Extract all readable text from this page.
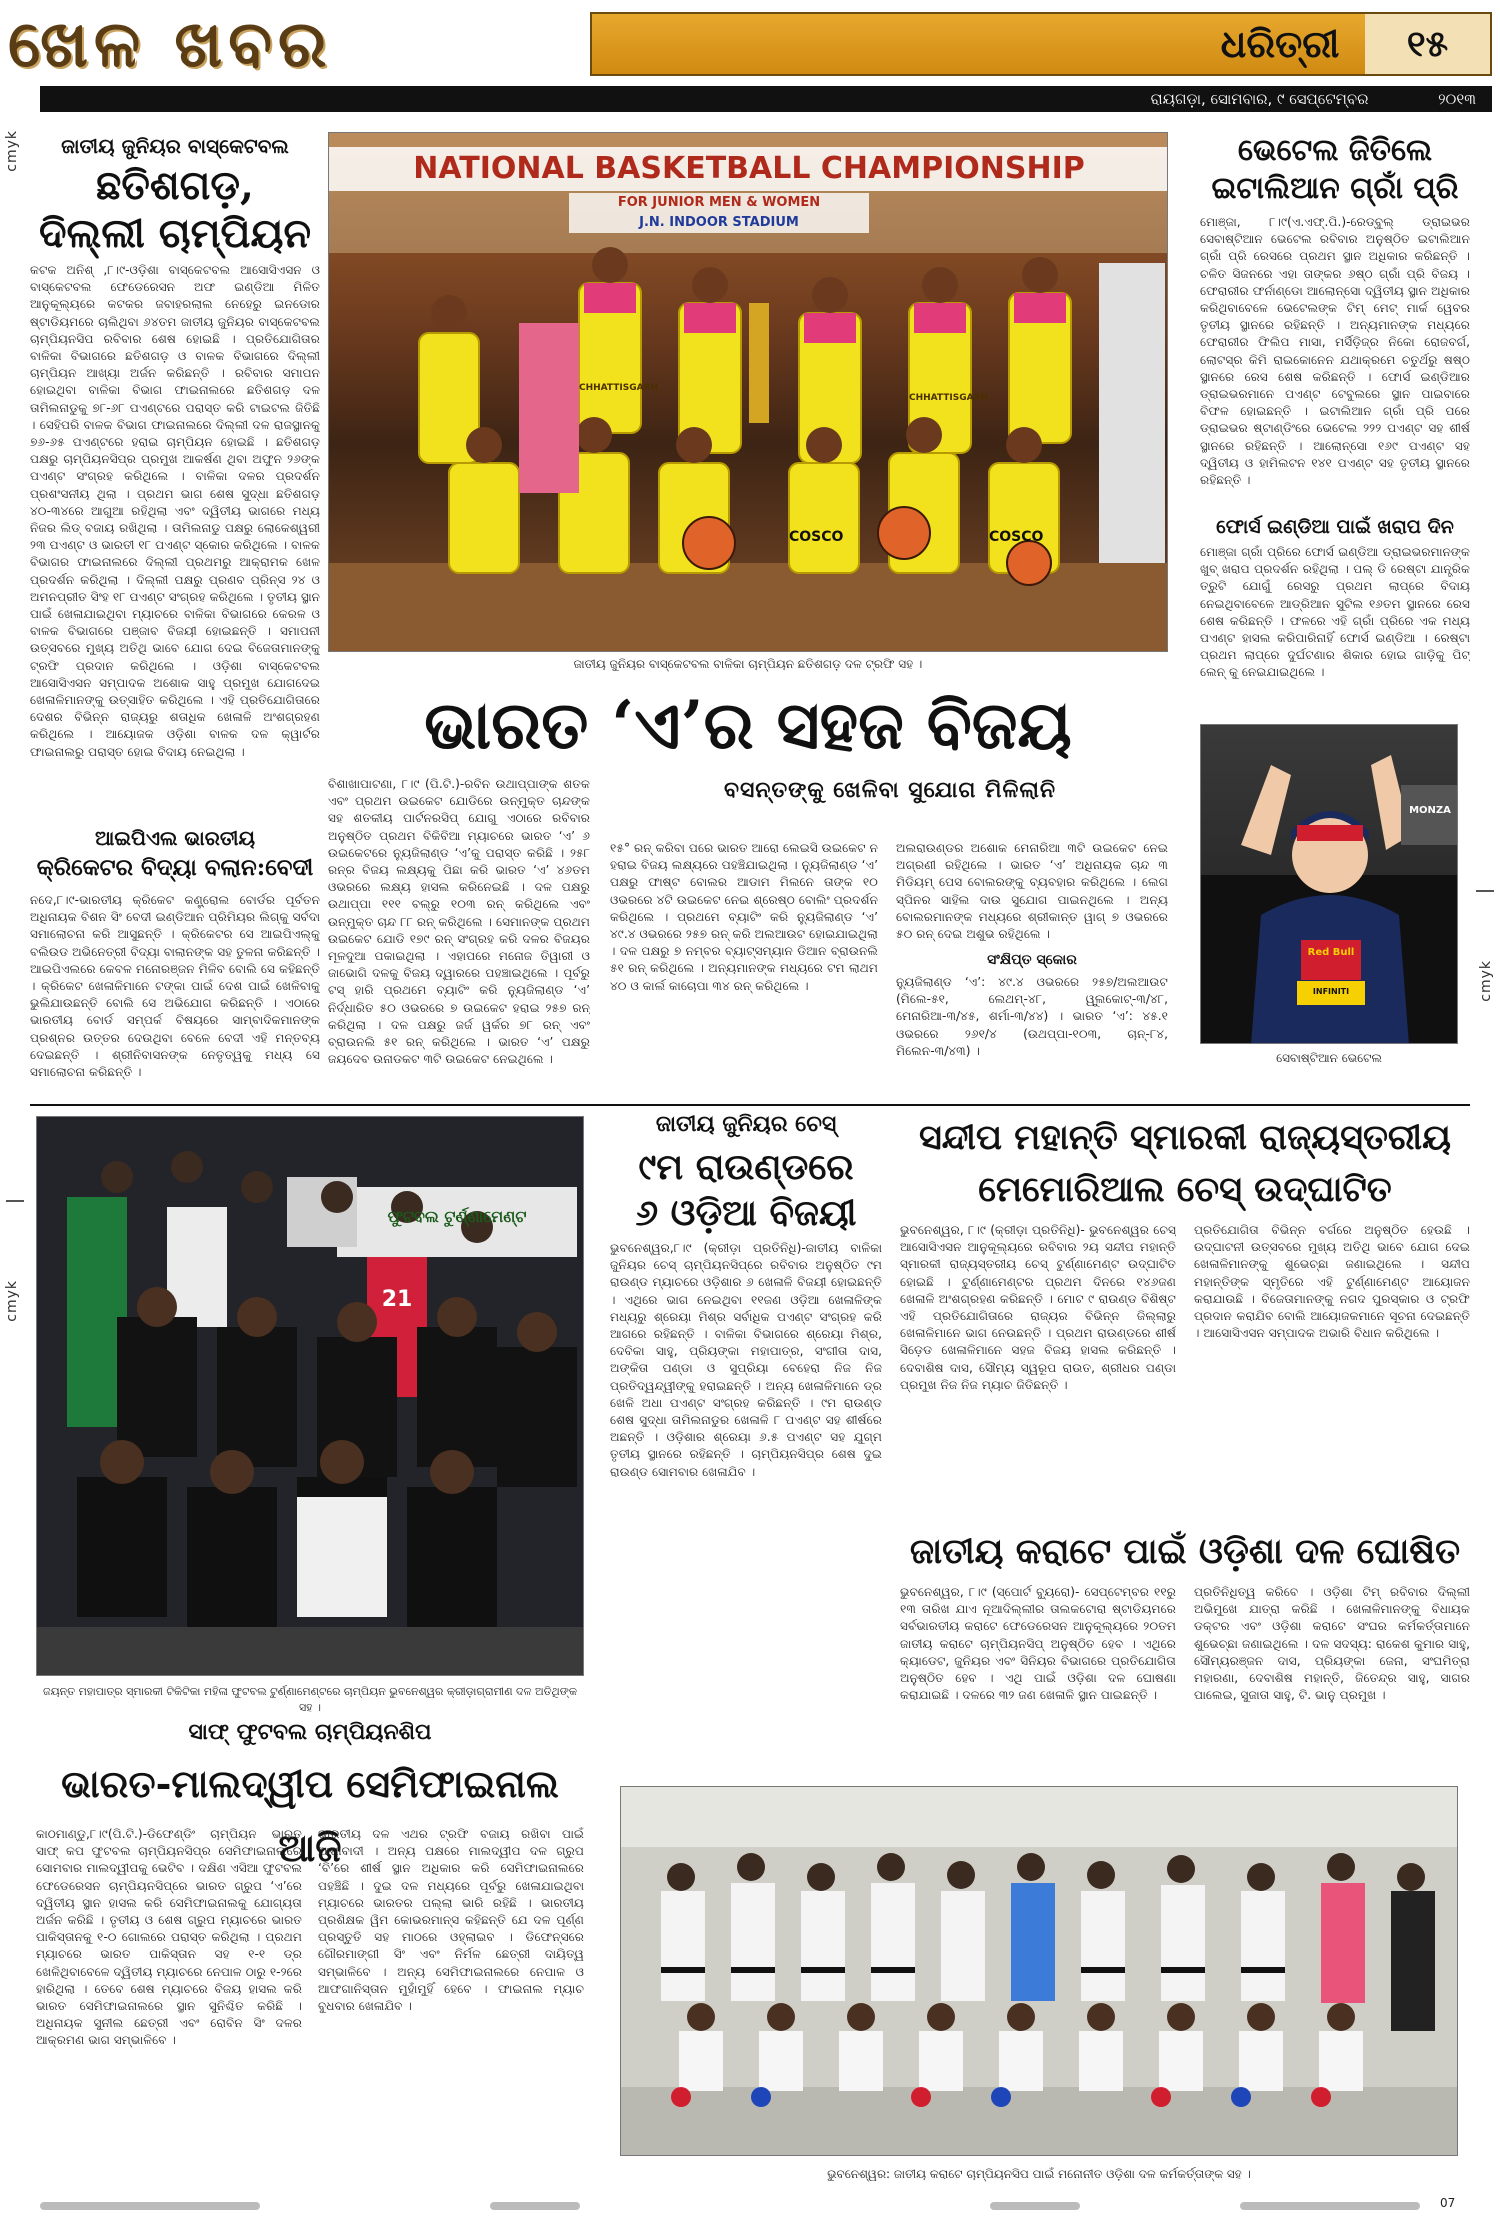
ଖେଳ ଖବର	ଧରିତ୍ରୀ	୧୫
ରାୟଗଡ଼ା, ସୋମବାର, ୯ ସେପ୍ଟେମ୍ବର	୨୦୧୩
cmyk
cmyk
cmyk
ଜାତୀୟ ଜୁନିୟର ବାସ୍କେଟବଲ
ଛତିଶଗଡ଼,
ଦିଲ୍ଲୀ ଚାମ୍ପିୟନ
କଟକ ଅନିଶ୍ ,୮।୯-ଓଡ଼ିଶା ବାସ୍କେଟବଲ ଆସୋସିଏସନ ଓ ବାସ୍କେଟବଲ ଫେଡେରେସନ ଅଫ ଇଣ୍ଡିଆ ମିଳିତ ଆନୁକୂଲ୍ୟରେ କଟକର ଜବାହରଲାଲ ନେହେରୁ ଇନଡୋର ଷ୍ଟାଡିୟମରେ ଚାଲିଥିବା ୬୪ତମ ଜାତୀୟ ଜୁନିୟର ବାସ୍କେଟବଲ ଚାମ୍ପିୟନସିପ ରବିବାର ଶେଷ ହୋଇଛି । ପ୍ରତିଯୋଗିତାର ବାଳିକା ବିଭାଗରେ ଛତିଶଗଡ଼ ଓ ବାଳକ ବିଭାଗରେ ଦିଲ୍ଲୀ ଚାମ୍ପିୟନ ଆଖ୍ୟା ଅର୍ଜନ କରିଛନ୍ତି । ରବିବାର ସମାପନ ହୋଇଥିବା ବାଳିକା ବିଭାଗ ଫାଇନାଲରେ ଛତିଶଗଡ଼ ଦଳ ତାମିଲନାଡୁକୁ ୭୮-୬୮ ପଏଣ୍ଟରେ ପରାସ୍ତ କରି ଟାଇଟଲ ଜିତିଛି । ସେହିପରି ବାଳକ ବିଭାଗ ଫାଇନାଲରେ ଦିଲ୍ଲୀ ଦଳ ରାଜସ୍ଥାନକୁ ୭୬-୬୫ ପଏଣ୍ଟରେ ହରାଇ ଚାମ୍ପିୟନ ହୋଇଛି । ଛତିଶଗଡ଼ ପକ୍ଷରୁ ଚାମ୍ପିୟନସିପ୍ର ପ୍ରମୁଖ ଆକର୍ଷଣ ଥିବା ଅଫୁନ ୨୬ଙ୍କ ପଏଣ୍ଟ ସଂଗ୍ରହ କରିଥିଲେ । ବାଳିକା ଦଳର ପ୍ରଦର୍ଶନ ପ୍ରଶଂସନୀୟ ଥିଲା । ପ୍ରଥମ ଭାଗ ଶେଷ ସୁଦ୍ଧା ଛତିଶଗଡ଼ ୪୦-୩୪ରେ ଆଗୁଆ ରହିଥିଲା ଏବଂ ଦ୍ୱିତୀୟ ଭାଗରେ ମଧ୍ୟ ନିଜର ଲିଡ୍ ବଜାୟ ରଖିଥିଲା । ତାମିଲନାଡୁ ପକ୍ଷରୁ ଲୋକେଶ୍ୱରୀ ୨୩ ପଏଣ୍ଟ ଓ ଭାରତୀ ୧୮ ପଏଣ୍ଟ ସ୍କୋର କରିଥିଲେ । ବାଳକ ବିଭାଗର ଫାଇନାଲରେ ଦିଲ୍ଲୀ ପ୍ରଥମରୁ ଆକ୍ରାମକ ଖେଳ ପ୍ରଦର୍ଶନ କରିଥିଲା । ଦିଲ୍ଲୀ ପକ୍ଷରୁ ପ୍ରଣବ ପ୍ରିନ୍ସ ୨୪ ଓ ଅମନପ୍ରୀତ ସିଂହ ୧୮ ପଏଣ୍ଟ ସଂଗ୍ରହ କରିଥିଲେ । ତୃତୀୟ ସ୍ଥାନ ପାଇଁ ଖେଳାଯାଇଥିବା ମ୍ୟାଚରେ ବାଳିକା ବିଭାଗରେ କେରଳ ଓ ବାଳକ ବିଭାଗରେ ପଞ୍ଜାବ ବିଜୟୀ ହୋଇଛନ୍ତି । ସମାପନୀ ଉତ୍ସବରେ ମୁଖ୍ୟ ଅତିଥି ଭାବେ ଯୋଗ ଦେଇ ବିଜେତାମାନଙ୍କୁ ଟ୍ରଫି ପ୍ରଦାନ କରିଥିଲେ । ଓଡ଼ିଶା ବାସ୍କେଟବଲ ଆସୋସିଏସନ ସମ୍ପାଦକ ଅଶୋକ ସାହୁ ପ୍ରମୁଖ ଯୋଗଦେଇ ଖେଳାଳିମାନଙ୍କୁ ଉତ୍ସାହିତ କରିଥିଲେ । ଏହି ପ୍ରତିଯୋଗିତାରେ ଦେଶର ବିଭିନ୍ନ ରାଜ୍ୟରୁ ଶତାଧିକ ଖେଳାଳି ଅଂଶଗ୍ରହଣ କରିଥିଲେ । ଆୟୋଜକ ଓଡ଼ିଶା ବାଳକ ଦଳ କ୍ୱାର୍ଟର ଫାଇନାଲରୁ ପରାସ୍ତ ହୋଇ ବିଦାୟ ନେଇଥିଲା ।
NATIONAL BASKETBALL CHAMPIONSHIP
FOR JUNIOR MEN & WOMEN
J.N. INDOOR STADIUM
CHHATTISGARH
CHHATTISGARH
COSCO	COSCO
ଜାତୀୟ ଜୁନିୟର ବାସ୍କେଟବଲ ବାଳିକା ଚାମ୍ପିୟନ ଛତିଶଗଡ଼ ଦଳ ଟ୍ରଫି ସହ ।
ଭେଟେଲ ଜିତିଲେ
ଇଟାଲିଆନ ଗ୍ରାଁ ପ୍ରି
ମୋଞ୍ଜା, ୮।୯(ଏ.ଏଫ୍.ପି.)-ରେଡ୍ବୁଲ୍ ଡ୍ରାଇଭର ସେବାଷ୍ଟିଆନ ଭେଟେଲ ରବିବାର ଅନୁଷ୍ଠିତ ଇଟାଲିଆନ ଗ୍ରାଁ ପ୍ରି ରେସରେ ପ୍ରଥମ ସ୍ଥାନ ଅଧିକାର କରିଛନ୍ତି । ଚଳିତ ସିଜନରେ ଏହା ତାଙ୍କର ୬ଷ୍ଠ ଗ୍ରାଁ ପ୍ରି ବିଜୟ । ଫେରାରୀର ଫର୍ନାଣ୍ଡୋ ଆଲୋନ୍ସୋ ଦ୍ୱିତୀୟ ସ୍ଥାନ ଅଧିକାର କରିଥିବାବେଳେ ଭେଟେଲଙ୍କ ଟିମ୍ ମେଟ୍ ମାର୍କ ୱେବର ତୃତୀୟ ସ୍ଥାନରେ ରହିଛନ୍ତି । ଅନ୍ୟମାନଙ୍କ ମଧ୍ୟରେ ଫେରାରୀର ଫିଲିପ ମାସା, ମର୍ସିଡ଼ିଜ୍ର ନିକୋ ରୋଜବର୍ଗ, ଲୋଟସ୍ର କିମି ରାଇକୋନେନ ଯଥାକ୍ରମେ ଚତୁର୍ଥରୁ ଷଷ୍ଠ ସ୍ଥାନରେ ରେସ ଶେଷ କରିଛନ୍ତି । ଫୋର୍ସ ଇଣ୍ଡିଆର ଡ୍ରାଇଭରମାନେ ପଏଣ୍ଟ ଟେବୁଲରେ ସ୍ଥାନ ପାଇବାରେ ବିଫଳ ହୋଇଛନ୍ତି । ଇଟାଲିଆନ ଗ୍ରାଁ ପ୍ରି ପରେ ଡ୍ରାଇଭର ଷ୍ଟାଣ୍ଡିଂରେ ଭେଟେଲ ୨୨୨ ପଏଣ୍ଟ ସହ ଶୀର୍ଷ ସ୍ଥାନରେ ରହିଛନ୍ତି । ଆଲୋନ୍ସୋ ୧୬୯ ପଏଣ୍ଟ ସହ ଦ୍ୱିତୀୟ ଓ ହାମିଲଟନ ୧୪୧ ପଏଣ୍ଟ ସହ ତୃତୀୟ ସ୍ଥାନରେ ରହିଛନ୍ତି ।
ଫୋର୍ସ ଇଣ୍ଡିଆ ପାଇଁ ଖରାପ ଦିନ
ମୋଞ୍ଜା ଗ୍ରାଁ ପ୍ରିରେ ଫୋର୍ସ ଇଣ୍ଡିଆ ଡ୍ରାଇଭରମାନଙ୍କ ଖୁବ୍ ଖରାପ ପ୍ରଦର୍ଶନ ରହିଥିଲା । ପଲ୍ ଡି ରେଷ୍ଟା ଯାନ୍ତ୍ରିକ ତ୍ରୁଟି ଯୋଗୁଁ ରେସରୁ ପ୍ରଥମ ଲାପ୍ରେ ବିଦାୟ ନେଇଥିବାବେଳେ ଆଡ୍ରିଆନ ସୁଟିଲ ୧୬ତମ ସ୍ଥାନରେ ରେସ ଶେଷ କରିଛନ୍ତି । ଫଳରେ ଏହି ଗ୍ରାଁ ପ୍ରିରେ ଏକ ମଧ୍ୟ ପଏଣ୍ଟ ହାସଲ କରିପାରିନାହିଁ ଫୋର୍ସ ଇଣ୍ଡିଆ । ରେଷ୍ଟା ପ୍ରଥମ ଲାପ୍ରେ ଦୁର୍ଘଟଣାର ଶିକାର ହୋଇ ଗାଡ଼ିକୁ ପିଟ୍ ଲେନ୍ କୁ ନେଇଯାଇଥିଲେ ।
Red Bull
INFINITI
MONZA
ସେବାଷ୍ଟିଆନ ଭେଟେଲ
ଭାରତ ‘ଏ’ର ସହଜ ବିଜୟ
ବିଶାଖାପାଟଣା, ୮।୯ (ପି.ଟି.)-ରବିନ ଉଥାପ୍ପାଙ୍କ ଶତକ ଏବଂ ପ୍ରଥମ ଉଇକେଟ ଯୋଡିରେ ଉନ୍ମୁକ୍ତ ଚାନ୍ଦଙ୍କ ସହ ଶତକୀୟ ପାର୍ଟନରସିପ୍ ଯୋଗୁ ଏଠାରେ ରବିବାର ଅନୁଷ୍ଠିତ ପ୍ରଥମ ବିକିବିଆ ମ୍ୟାଚରେ ଭାରତ ‘ଏ’ ୬ ଉଇକେଟରେ ନ୍ୟୁଜିଲାଣ୍ଡ ‘ଏ’କୁ ପରାସ୍ତ କରିଛି । ୨୫୮ ରନ୍ର ବିଜୟ ଲକ୍ଷ୍ୟକୁ ପିଛା କରି ଭାରତ ‘ଏ’ ୪୬ତମ ଓଭରରେ ଲକ୍ଷ୍ୟ ହାସଲ କରିନେଇଛି । ଦଳ ପକ୍ଷରୁ ଉଥାପ୍ପା ୧୧୧ ବଲ୍ରୁ ୧୦୩ ରନ୍ କରିଥିଲେ ଏବଂ ଉନ୍ମୁକ୍ତ ଚାନ୍ଦ ୮୮ ରନ୍ କରିଥିଲେ । ସେମାନଙ୍କ ପ୍ରଥମ ଉଇକେଟ ଯୋଡି ୧୭୯ ରନ୍ ସଂଗ୍ରହ କରି ଦଳର ବିଜୟର ମୂଳଦୁଆ ପକାଇଥିଲା । ଏହାପରେ ମନୋଜ ତିୱାରୀ ଓ ଜାଭୋଗି ଦଳକୁ ବିଜୟ ଦ୍ୱାରରେ ପହଞ୍ଚାଇଥିଲେ । ପୂର୍ବରୁ ଟସ୍ ହାରି ପ୍ରଥମେ ବ୍ୟାଟିଂ କରି ନ୍ୟୁଜିଲାଣ୍ଡ ‘ଏ’ ନିର୍ଦ୍ଧାରିତ ୫୦ ଓଭରରେ ୭ ଉଇକେଟ ହରାଇ ୨୫୭ ରନ୍ କରିଥିଲା । ଦଳ ପକ୍ଷରୁ ଜର୍ଜ ୱର୍କର ୭୮ ରନ୍ ଏବଂ ବ୍ରାଉନଲି ୫୧ ରନ୍ କରିଥିଲେ । ଭାରତ ‘ଏ’ ପକ୍ଷରୁ ଜୟଦେବ ଉନାଡକଟ ୩ଟି ଉଇକେଟ ନେଇଥିଲେ ।
ବସନ୍ତଙ୍କୁ ଖେଳିବା ସୁଯୋଗ ମିଳିଲାନି
୧୫° ରନ୍ କରିବା ପରେ ଭାରତ ଆରୋ ଲେଇସି ଉଇକେଟ ନ ହରାଇ ବିଜୟ ଲକ୍ଷ୍ୟରେ ପହଞ୍ଚିଯାଇଥିଲା । ନ୍ୟୁଜିଲାଣ୍ଡ ‘ଏ’ ପକ୍ଷରୁ ଫାଷ୍ଟ ବୋଲର ଆଡାମ ମିଲନେ ତାଙ୍କ ୧୦ ଓଭରରେ ୪ଟି ଉଇକେଟ ନେଇ ଶ୍ରେଷ୍ଠ ବୋଲିଂ ପ୍ରଦର୍ଶନ କରିଥିଲେ । ପ୍ରଥମେ ବ୍ୟାଟିଂ କରି ନ୍ୟୁଜିଲାଣ୍ଡ ‘ଏ’ ୪୯.୪ ଓଭରରେ ୨୫୭ ରନ୍ କରି ଅଲଆଉଟ ହୋଇଯାଇଥିଲା । ଦଳ ପକ୍ଷରୁ ୭ ନମ୍ବର ବ୍ୟାଟ୍ସମ୍ୟାନ ଡିଆନ ବ୍ରାଉନଲି ୫୧ ରନ୍ କରିଥିଲେ । ଅନ୍ୟମାନଙ୍କ ମଧ୍ୟରେ ଟମ ଲାଥମ ୪୦ ଓ କାର୍ଲ କାଚୋପା ୩୪ ରନ୍ କରିଥିଲେ ।
ଅଲରାଉଣ୍ଡର ଅଶୋକ ମେନାରିଆ ୩ଟି ଉଇକେଟ ନେଇ ଅଗ୍ରଣୀ ରହିଥିଲେ । ଭାରତ ‘ଏ’ ଅଧିନାୟକ ଚାନ୍ଦ ୩ ମିଡିୟମ୍ ପେସ ବୋଲରଙ୍କୁ ବ୍ୟବହାର କରିଥିଲେ । ଲେଗ ସ୍ପିନର ସାହିଲ ଦାଉ ସୁଯୋଗ ପାଇନଥିଲେ । ଅନ୍ୟ ବୋଲରମାନଙ୍କ ମଧ୍ୟରେ ଶ୍ରୀକାନ୍ତ ୱାଗ୍ ୭ ଓଭରରେ ୫୦ ରନ୍ ଦେଇ ଅଶୁଭ ରହିଥିଲେ ।
ସଂକ୍ଷିପ୍ତ ସ୍କୋର
ନ୍ୟୁଜିଲାଣ୍ଡ ‘ଏ’: ୪୯.୪ ଓଭରରେ ୨୫୭/ଅଲଆଉଟ (ମିଲେ-୫୧, ଲେଥମ୍-୪୮, ୱୁଲକୋଟ୍-୩/୪୮, ମେନାରିଆ-୩/୪୫, ଶର୍ମା-୩/୪୪) । ଭାରତ ‘ଏ’: ୪୫.୧ ଓଭରରେ ୨୬୧/୪ (ଉଥପ୍ପା-୧୦୩, ଚାନ୍-୮୪, ମିଲେନ-୩/୪୩) ।
ଆଇପିଏଲ ଭାରତୀୟ
କ୍ରିକେଟର ବିଦ୍ୟା ବଲାନ:ବେଦୀ
ନଦେ,୮।୯-ଭାରତୀୟ କ୍ରିକେଟ କଣ୍ଟ୍ରୋଲ ବୋର୍ଡର ପୂର୍ବତନ ଅଧିନାୟକ ବିଶନ ସିଂ ବେଦୀ ଇଣ୍ଡିଆନ ପ୍ରିମିୟର ଲିଗ୍କୁ ସର୍ବଦା ସମାଲୋଚନା କରି ଆସୁଛନ୍ତି । କ୍ରିକେଟର ସେ ଆଇପିଏଲ୍କୁ ବଲିଉଡ ଅଭିନେତ୍ରୀ ବିଦ୍ୟା ବାଲାନଙ୍କ ସହ ତୁଳନା କରିଛନ୍ତି । ଆଇପିଏଲରେ କେବଳ ମନୋରଞ୍ଜନ ମିଳିବ ବୋଲି ସେ କହିଛନ୍ତି । କ୍ରିକେଟ ଖେଳାଳିମାନେ ଟଙ୍କା ପାଇଁ ଦେଶ ପାଇଁ ଖେଳିବାକୁ ଭୁଲିଯାଉଛନ୍ତି ବୋଲି ସେ ଅଭିଯୋଗ କରିଛନ୍ତି । ଏଠାରେ ଭାରତୀୟ ବୋର୍ଡ ସମ୍ପର୍କ ବିଷୟରେ ସାମ୍ବାଦିକମାନଙ୍କ ପ୍ରଶ୍ନର ଉତ୍ତର ଦେଉଥିବା ବେଳେ ବେଦୀ ଏହି ମନ୍ତବ୍ୟ ଦେଇଛନ୍ତି । ଶ୍ରୀନିବାସନଙ୍କ ନେତୃତ୍ୱକୁ ମଧ୍ୟ ସେ ସମାଲୋଚନା କରିଛନ୍ତି ।
ଫୁଟବଲ ଟୁର୍ଣ୍ଣାମେଣ୍ଟ
21
ଜୟନ୍ତ ମହାପାତ୍ର ସ୍ମାରକୀ ଟିକିଟିକା ମହିଳା ଫୁଟବଲ ଟୁର୍ଣ୍ଣାମେଣ୍ଟରେ ଚାମ୍ପିୟନ ଭୁବନେଶ୍ୱର କ୍ରୀଡ଼ାଗ୍ରାମୀଣ ଦଳ ଅତିଥିଙ୍କ ସହ ।
ଜାତୀୟ ଜୁନିୟର ଚେସ୍
୯ମ ରାଉଣ୍ଡରେ
୬ ଓଡ଼ିଆ ବିଜୟୀ
ଭୁବନେଶ୍ୱର,୮।୯ (କ୍ରୀଡ଼ା ପ୍ରତିନିଧି)-ଜାତୀୟ ବାଳିକା ଜୁନିୟର ଚେସ୍ ଚାମ୍ପିୟନସିପ୍ରେ ରବିବାର ଅନୁଷ୍ଠିତ ୯ମ ରାଉଣ୍ଡ ମ୍ୟାଚରେ ଓଡ଼ିଶାର ୬ ଖେଳାଳି ବିଜୟୀ ହୋଇଛନ୍ତି । ଏଥିରେ ଭାଗ ନେଇଥିବା ୧୧ଜଣ ଓଡ଼ିଆ ଖେଳାଳିଙ୍କ ମଧ୍ୟରୁ ଶ୍ରେୟା ମିଶ୍ର ସର୍ବାଧିକ ପଏଣ୍ଟ ସଂଗ୍ରହ କରି ଆଗରେ ରହିଛନ୍ତି । ବାଳିକା ବିଭାଗରେ ଶ୍ରେୟା ମିଶ୍ର, ଦେବିକା ସାହୁ, ପ୍ରିୟଙ୍କା ମହାପାତ୍ର, ସଂଗୀତା ଦାସ, ଅଙ୍କିତା ପଣ୍ଡା ଓ ସୁପ୍ରିୟା ବେହେରା ନିଜ ନିଜ ପ୍ରତିଦ୍ୱନ୍ଦ୍ୱୀଙ୍କୁ ହରାଇଛନ୍ତି । ଅନ୍ୟ ଖେଳାଳିମାନେ ଡ୍ର ଖେଳି ଅଧା ପଏଣ୍ଟ ସଂଗ୍ରହ କରିଛନ୍ତି । ୯ମ ରାଉଣ୍ଡ ଶେଷ ସୁଦ୍ଧା ତାମିଲନାଡୁର ଖେଳାଳି ୮ ପଏଣ୍ଟ ସହ ଶୀର୍ଷରେ ଅଛନ୍ତି । ଓଡ଼ିଶାର ଶ୍ରେୟା ୬.୫ ପଏଣ୍ଟ ସହ ଯୁଗ୍ମ ତୃତୀୟ ସ୍ଥାନରେ ରହିଛନ୍ତି । ଚାମ୍ପିୟନସିପ୍ର ଶେଷ ଦୁଇ ରାଉଣ୍ଡ ସୋମବାର ଖେଳାଯିବ ।
ସନ୍ଦୀପ ମହାନ୍ତି ସ୍ମାରକୀ ରାଜ୍ୟସ୍ତରୀୟ
ମେମୋରିଆଲ ଚେସ୍ ଉଦ୍‌ଘାଟିତ
ଭୁବନେଶ୍ୱର, ୮।୯ (କ୍ରୀଡ଼ା ପ୍ରତିନିଧି)- ଭୁବନେଶ୍ୱର ଚେସ୍ ଆସୋସିଏସନ ଆନୁକୂଲ୍ୟରେ ରବିବାର ୨ୟ ସନ୍ଦୀପ ମହାନ୍ତି ସ୍ମାରକୀ ରାଜ୍ୟସ୍ତରୀୟ ଚେସ୍ ଟୁର୍ଣ୍ଣାମେଣ୍ଟ ଉଦ୍‌ଘାଟିତ ହୋଇଛି । ଟୁର୍ଣ୍ଣାମେଣ୍ଟର ପ୍ରଥମ ଦିନରେ ୧୪୬ଜଣ ଖେଳାଳି ଅଂଶଗ୍ରହଣ କରିଛନ୍ତି । ମୋଟ ୯ ରାଉଣ୍ଡ ବିଶିଷ୍ଟ ଏହି ପ୍ରତିଯୋଗିତାରେ ରାଜ୍ୟର ବିଭିନ୍ନ ଜିଲ୍ଲାରୁ ଖେଳାଳିମାନେ ଭାଗ ନେଉଛନ୍ତି । ପ୍ରଥମ ରାଉଣ୍ଡରେ ଶୀର୍ଷ ସିଡ଼େଡ ଖେଳାଳିମାନେ ସହଜ ବିଜୟ ହାସଲ କରିଛନ୍ତି । ଦେବାଶିଷ ଦାସ, ସୌମ୍ୟ ସ୍ୱରୂପ ରାଉତ, ଶ୍ରୀଧର ପଣ୍ଡା ପ୍ରମୁଖ ନିଜ ନିଜ ମ୍ୟାଚ ଜିତିଛନ୍ତି ।
ପ୍ରତିଯୋଗିତା ବିଭିନ୍ନ ବର୍ଗରେ ଅନୁଷ୍ଠିତ ହେଉଛି । ଉଦ୍‌ଘାଟନୀ ଉତ୍ସବରେ ମୁଖ୍ୟ ଅତିଥି ଭାବେ ଯୋଗ ଦେଇ ଖେଳାଳିମାନଙ୍କୁ ଶୁଭେଚ୍ଛା ଜଣାଇଥିଲେ । ସନ୍ଦୀପ ମହାନ୍ତିଙ୍କ ସ୍ମୃତିରେ ଏହି ଟୁର୍ଣ୍ଣାମେଣ୍ଟ ଆୟୋଜନ କରାଯାଉଛି । ବିଜେତାମାନଙ୍କୁ ନଗଦ ପୁରସ୍କାର ଓ ଟ୍ରଫି ପ୍ରଦାନ କରାଯିବ ବୋଲି ଆୟୋଜକମାନେ ସୂଚନା ଦେଇଛନ୍ତି । ଆସୋସିଏସନ ସମ୍ପାଦକ ଅଭାରି ବିଧାନ କରିଥିଲେ ।
ଜାତୀୟ କରାଟେ ପାଇଁ ଓଡ଼ିଶା ଦଳ ଘୋଷିତ
ଭୁବନେଶ୍ୱର, ୮।୯ (ସ୍ପୋର୍ଟ ବ୍ୟୁରୋ)- ସେପ୍ଟେମ୍ବର ୧୧ରୁ ୧୩ ତାରିଖ ଯାଏ ନୂଆଦିଲ୍ଲୀର ତାଲକଟୋରା ଷ୍ଟାଡିୟମରେ ସର୍ବଭାରତୀୟ କରାଟେ ଫେଡେରେସନ ଆନୁକୂଲ୍ୟରେ ୨୦ତମ ଜାତୀୟ କରାଟେ ଚାମ୍ପିୟନସିପ୍ ଅନୁଷ୍ଠିତ ହେବ । ଏଥିରେ କ୍ୟାଡେଟ, ଜୁନିୟର ଏବଂ ସିନିୟର ବିଭାଗରେ ପ୍ରତିଯୋଗିତା ଅନୁଷ୍ଠିତ ହେବ । ଏଥି ପାଇଁ ଓଡ଼ିଶା ଦଳ ଘୋଷଣା କରାଯାଇଛି । ଦଳରେ ୩୨ ଜଣ ଖେଳାଳି ସ୍ଥାନ ପାଇଛନ୍ତି ।
ପ୍ରତିନିଧିତ୍ୱ କରିବେ । ଓଡ଼ିଶା ଟିମ୍ ରବିବାର ଦିଲ୍ଲୀ ଅଭିମୁଖେ ଯାତ୍ରା କରିଛି । ଖେଳାଳିମାନଙ୍କୁ ବିଧାୟକ ଡକ୍ଟର ଏବଂ ଓଡ଼ିଶା କରାଟେ ସଂଘର କର୍ମକର୍ତ୍ତାମାନେ ଶୁଭେଚ୍ଛା ଜଣାଇଥିଲେ । ଦଳ ସଦସ୍ୟ: ରାକେଶ କୁମାର ସାହୁ, ସୌମ୍ୟରଞ୍ଜନ ଦାସ, ପ୍ରିୟଙ୍କା ଜେନା, ସଂଘମିତ୍ରା ମହାରଣା, ଦେବାଶିଷ ମହାନ୍ତି, ଜିତେନ୍ଦ୍ର ସାହୁ, ସାଗର ପାଲେଇ, ସୁଜାତା ସାହୁ, ଟି. ଭାନୁ ପ୍ରମୁଖ ।
ଭୁବନେଶ୍ୱର: ଜାତୀୟ କରାଟେ ଚାମ୍ପିୟନସିପ ପାଇଁ ମନୋନୀତ ଓଡ଼ିଶା ଦଳ କର୍ମକର୍ତ୍ତାଙ୍କ ସହ ।
ସାଫ୍ ଫୁଟବଲ ଚାମ୍ପିୟନଶିପ
ଭାରତ-ମାଲଦ୍ୱୀପ ସେମିଫାଇନାଲ ଆଜି
କାଠମାଣ୍ଡୁ,୮।୯(ପି.ଟି.)-ଡିଫେଣ୍ଡିଂ ଚାମ୍ପିୟନ ଭାରତ ସାଫ୍ କପ ଫୁଟବଲ ଚାମ୍ପିୟନସିପ୍ର ସେମିଫାଇନାଲରେ ସୋମବାର ମାଲଦ୍ୱୀପକୁ ଭେଟିବ । ଦକ୍ଷିଣ ଏସିଆ ଫୁଟବଲ ଫେଡେରେସନ ଚାମ୍ପିୟନସିପ୍ରେ ଭାରତ ଗ୍ରୁପ ‘ଏ’ରେ ଦ୍ୱିତୀୟ ସ୍ଥାନ ହାସଲ କରି ସେମିଫାଇନାଲକୁ ଯୋଗ୍ୟତା ଅର୍ଜନ କରିଛି । ତୃତୀୟ ଓ ଶେଷ ଗ୍ରୁପ ମ୍ୟାଚରେ ଭାରତ ପାକିସ୍ତାନକୁ ୧-୦ ଗୋଲରେ ପରାସ୍ତ କରିଥିଲା । ପ୍ରଥମ ମ୍ୟାଚରେ ଭାରତ ପାକିସ୍ତାନ ସହ ୧-୧ ଡ୍ର ଖେଳିଥିବାବେଳେ ଦ୍ୱିତୀୟ ମ୍ୟାଚରେ ନେପାଳ ଠାରୁ ୧-୨ରେ ହାରିଥିଲା । ତେବେ ଶେଷ ମ୍ୟାଚରେ ବିଜୟ ହାସଲ କରି ଭାରତ ସେମିଫାଇନାଲରେ ସ୍ଥାନ ସୁନିଶ୍ଚିତ କରିଛି । ଅଧିନାୟକ ସୁନୀଲ ଛେତ୍ରୀ ଏବଂ ରୋବିନ ସିଂ ଦଳର ଆକ୍ରମଣ ଭାଗ ସମ୍ଭାଳିବେ ।
ଭାରତୀୟ ଦଳ ଏଥର ଟ୍ରଫି ବଜାୟ ରଖିବା ପାଇଁ ଆଶାବାଦୀ । ଅନ୍ୟ ପକ୍ଷରେ ମାଲଦ୍ୱୀପ ଦଳ ଗ୍ରୁପ ‘ବି’ରେ ଶୀର୍ଷ ସ୍ଥାନ ଅଧିକାର କରି ସେମିଫାଇନାଲରେ ପହଞ୍ଚିଛି । ଦୁଇ ଦଳ ମଧ୍ୟରେ ପୂର୍ବରୁ ଖେଳାଯାଇଥିବା ମ୍ୟାଚରେ ଭାରତର ପଲ୍ଲା ଭାରି ରହିଛି । ଭାରତୀୟ ପ୍ରଶିକ୍ଷକ ୱିମ କୋଭରମାନ୍ସ କହିଛନ୍ତି ଯେ ଦଳ ପୂର୍ଣ୍ଣ ପ୍ରସ୍ତୁତି ସହ ମାଠରେ ଓହ୍ଲାଇବ । ଡିଫେନ୍ସରେ ଗୌରମାଙ୍ଗୀ ସିଂ ଏବଂ ନିର୍ମଳ ଛେତ୍ରୀ ଦାୟିତ୍ୱ ସମ୍ଭାଳିବେ । ଅନ୍ୟ ସେମିଫାଇନାଲରେ ନେପାଳ ଓ ଆଫଗାନିସ୍ତାନ ମୁହାଁମୁହିଁ ହେବେ । ଫାଇନାଲ ମ୍ୟାଚ ବୁଧବାର ଖେଳାଯିବ ।
07
